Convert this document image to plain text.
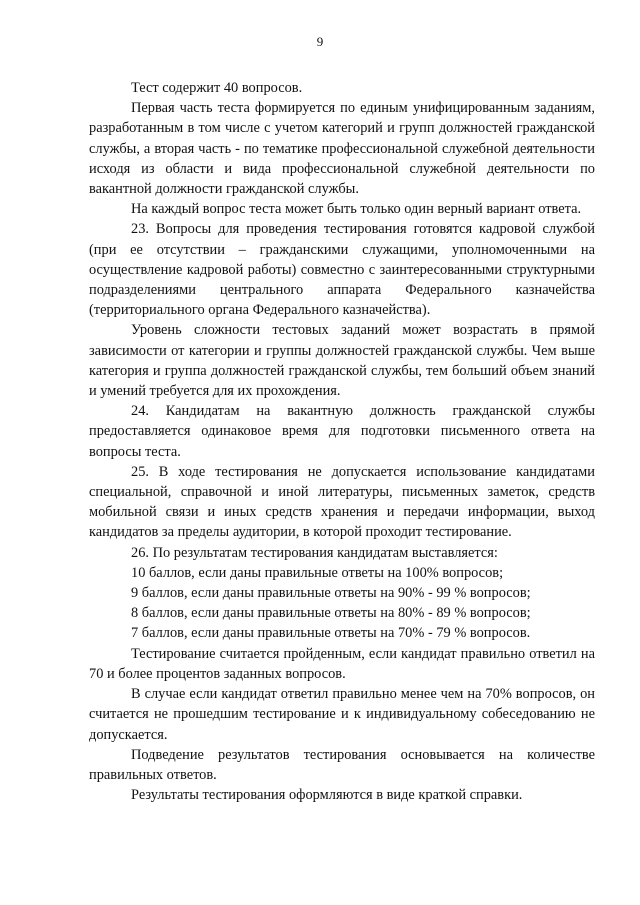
9

Тест содержит 40 вопросов.

Первая часть теста формируется по единым унифицированным заданиям, разработанным в том числе с учетом категорий и групп должностей гражданской службы, а вторая часть - по тематике профессиональной служебной деятельности исходя из области и вида профессиональной служебной деятельности по вакантной должности гражданской службы.

На каждый вопрос теста может быть только один верный вариант ответа.

23. Вопросы для проведения тестирования готовятся кадровой службой (при ее отсутствии – гражданскими служащими, уполномоченными на осуществление кадровой работы) совместно с заинтересованными структурными подразделениями центрального аппарата Федерального казначейства (территориального органа Федерального казначейства).

Уровень сложности тестовых заданий может возрастать в прямой зависимости от категории и группы должностей гражданской службы. Чем выше категория и группа должностей гражданской службы, тем больший объем знаний и умений требуется для их прохождения.

24. Кандидатам на вакантную должность гражданской службы предоставляется одинаковое время для подготовки письменного ответа на вопросы теста.

25. В ходе тестирования не допускается использование кандидатами специальной, справочной и иной литературы, письменных заметок, средств мобильной связи и иных средств хранения и передачи информации, выход кандидатов за пределы аудитории, в которой проходит тестирование.

26. По результатам тестирования кандидатам выставляется:

10 баллов, если даны правильные ответы на 100% вопросов;

9 баллов, если даны правильные ответы на 90% - 99 % вопросов;

8 баллов, если даны правильные ответы на 80% - 89 % вопросов;

7 баллов, если даны правильные ответы на 70% - 79 % вопросов.

Тестирование считается пройденным, если кандидат правильно ответил на 70 и более процентов заданных вопросов.

В случае если кандидат ответил правильно менее чем на 70% вопросов, он считается не прошедшим тестирование и к индивидуальному собеседованию не допускается.

Подведение результатов тестирования основывается на количестве правильных ответов.

Результаты тестирования оформляются в виде краткой справки.
